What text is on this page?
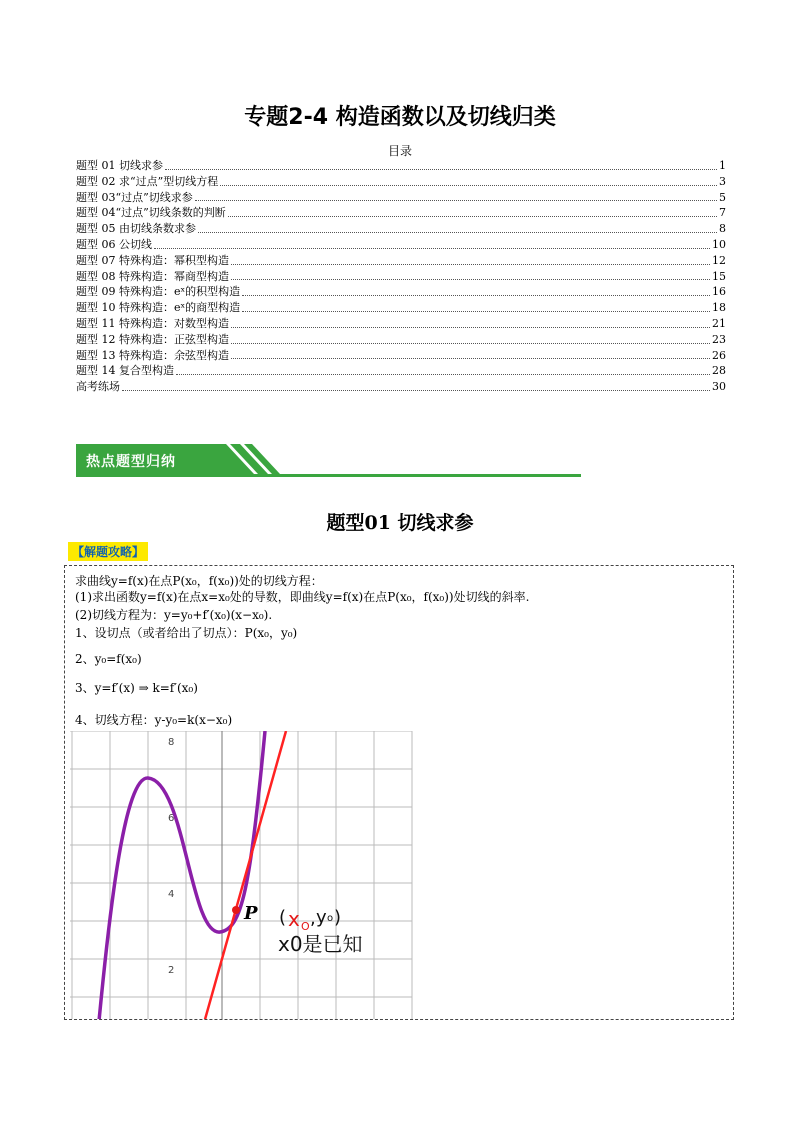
专题2-4 构造函数以及切线归类
目录
题型 01 切线求参	1
题型 02 求“过点”型切线方程	3
题型 03“过点”切线求参	5
题型 04“过点”切线条数的判断	7
题型 05 由切线条数求参	8
题型 06 公切线	10
题型 07 特殊构造：幂积型构造	12
题型 08 特殊构造：幂商型构造	15
题型 09 特殊构造：eˣ的积型构造	16
题型 10 特殊构造：eˣ的商型构造	18
题型 11 特殊构造：对数型构造	21
题型 12 特殊构造：正弦型构造	23
题型 13 特殊构造：余弦型构造	26
题型 14 复合型构造	28
高考练场	30
热点题型归纳
题型01 切线求参
【解题攻略】
求曲线y=f(x)在点P(x₀，f(x₀))处的切线方程：
(1)求出函数y=f(x)在点x=x₀处的导数，即曲线y=f(x)在点P(x₀，f(x₀))处切线的斜率.
(2)切线方程为：y=y₀+f′(x₀)(x−x₀).
1、设切点（或者给出了切点）：P(x₀，y₀)
2、y₀=f(x₀)
3、y=f′(x) ⇒ k=f′(x₀)
4、切线方程：y-y₀=k(x−x₀)
8
6
4
2
P ( x O , y o )
x0是已知
